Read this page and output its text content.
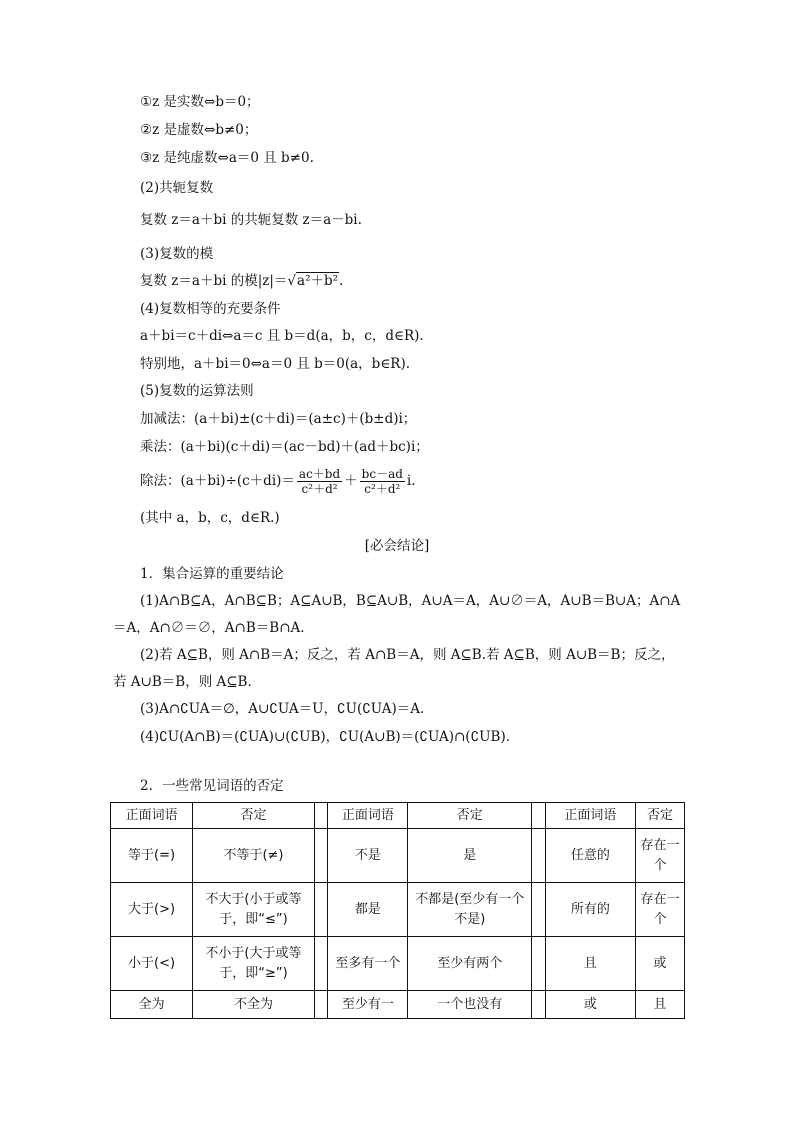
①z 是实数⇔b＝0；
②z 是虚数⇔b≠0；
③z 是纯虚数⇔a＝0 且 b≠0.
(2)共轭复数
复数 z＝a＋bi 的共轭复数 z＝a－bi.
(3)复数的模
复数 z＝a＋bi 的模|z|＝√a²＋b².
(4)复数相等的充要条件
a＋bi＝c＋di⇔a＝c 且 b＝d(a，b，c，d∈R).
特别地，a＋bi＝0⇔a＝0 且 b＝0(a，b∈R).
(5)复数的运算法则
加减法：(a＋bi)±(c＋di)＝(a±c)＋(b±d)i；
乘法：(a＋bi)(c＋di)＝(ac－bd)＋(ad＋bc)i；
除法：$(a+bi)\div(c+di)= \frac{ac+bd}{\text{c²＋d²}} + \frac{bc-ad}{\text{c²＋d²}} i$.
(其中 a，b，c，d∈R.)
[必会结论]
1．集合运算的重要结论
(1)A∩B⊆A，A∩B⊆B；A⊆A∪B，B⊆A∪B，A∪A＝A，A∪∅＝A，A∪B＝B∪A；A∩A
＝A，A∩∅＝∅，A∩B＝B∩A.
(2)若 A⊆B，则 A∩B＝A；反之，若 A∩B＝A，则 A⊆B.若 A⊆B，则 A∪B＝B；反之，
若 A∪B＝B，则 A⊆B.
(3)A∩∁UA＝∅，A∪∁UA＝U，∁U(∁UA)＝A.
(4)∁U(A∩B)＝(∁UA)∪(∁UB)，∁U(A∪B)＝(∁UA)∩(∁UB)．
2．一些常见词语的否定
正面词语	否定		正面词语	否定		正面词语	否定
等于(=)	不等于(≠)		不是	是		任意的	存在一个
大于(>)	不大于(小于或等于，即“≤”)		都是	不都是(至少有一个不是)		所有的	存在一个
小于(<)	不小于(大于或等于，即“≥”)		至多有一个	至少有两个		且	或
全为	不全为		至少有一	一个也没有		或	且
